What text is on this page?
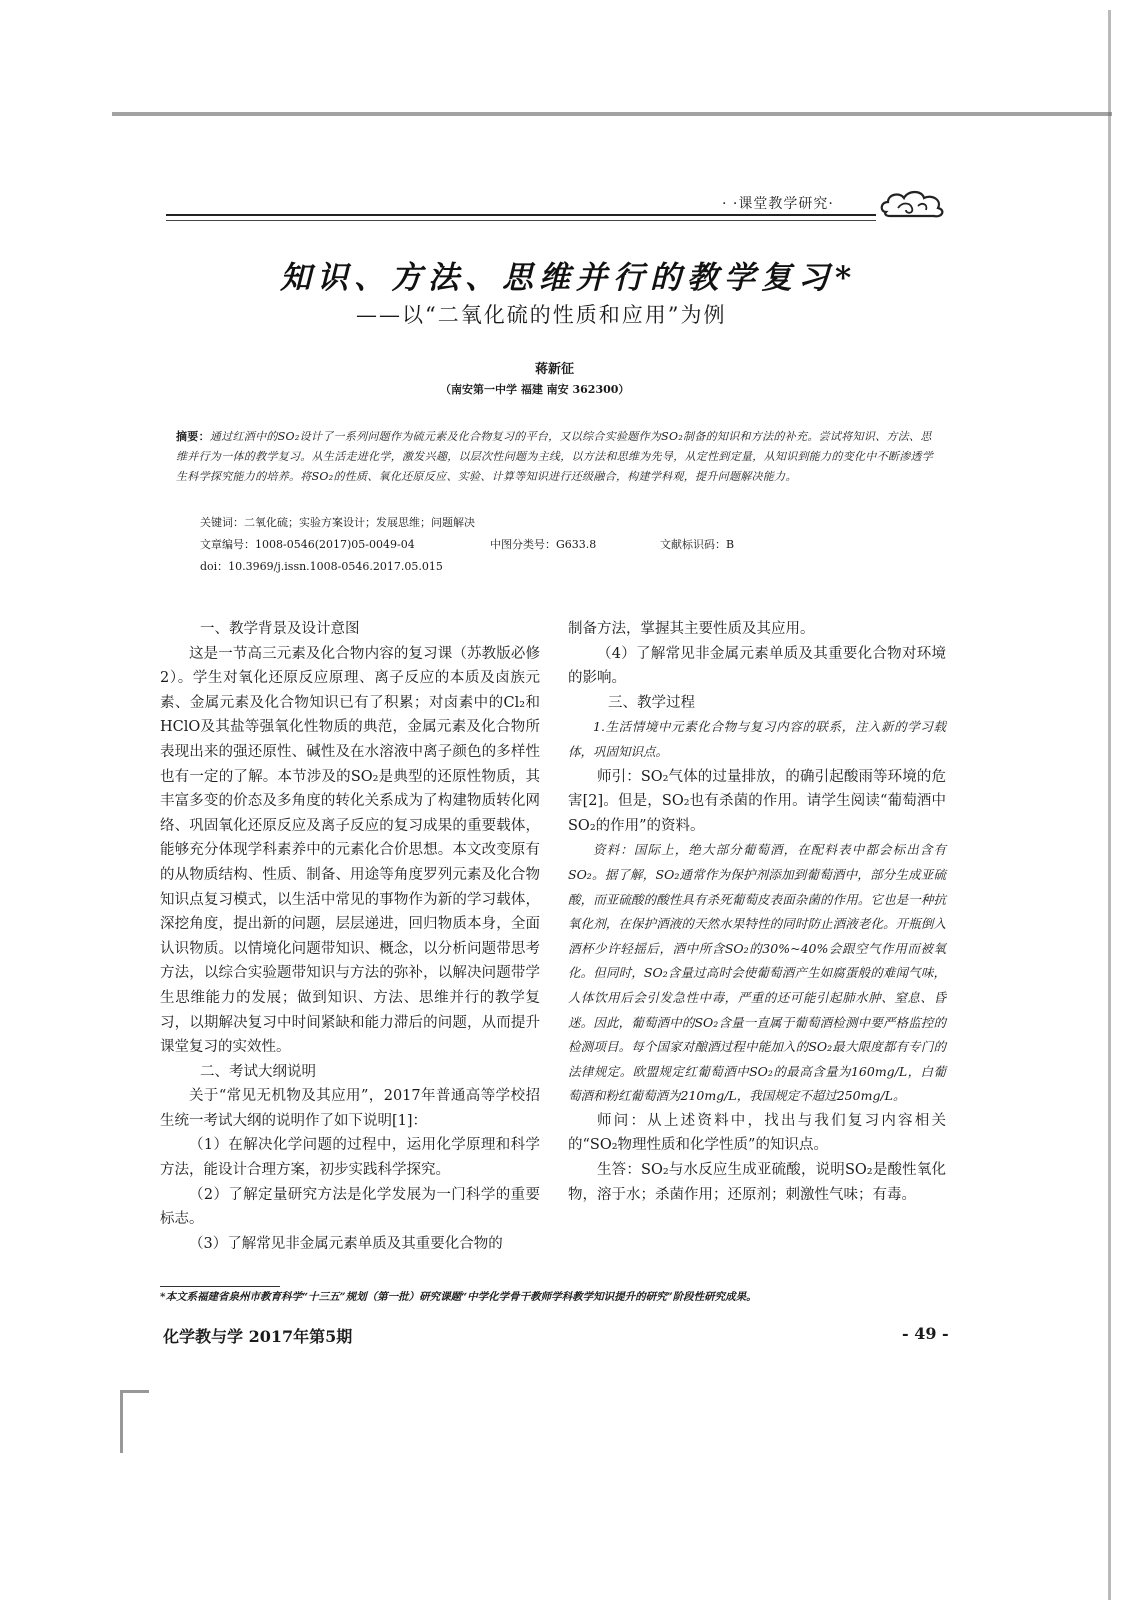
· ·课堂教学研究·
知识、方法、思维并行的教学复习*
——以“二氧化硫的性质和应用”为例
蒋新征
（南安第一中学 福建 南安 362300）
摘要：通过红酒中的SO₂设计了一系列问题作为硫元素及化合物复习的平台，又以综合实验题作为SO₂制备的知识和方法的补充。尝试将知识、方法、思维并行为一体的教学复习。从生活走进化学，激发兴趣，以层次性问题为主线，以方法和思维为先导，从定性到定量，从知识到能力的变化中不断渗透学生科学探究能力的培养。将SO₂的性质、氧化还原反应、实验、计算等知识进行还级融合，构建学科观，提升问题解决能力。
关键词：二氧化硫；实验方案设计；发展思维；问题解决
文章编号：1008-0546(2017)05-0049-04	中图分类号：G633.8	文献标识码：B
doi：10.3969/j.issn.1008-0546.2017.05.015
一、教学背景及设计意图

这是一节高三元素及化合物内容的复习课（苏教版必修2）。学生对氧化还原反应原理、离子反应的本质及卤族元素、金属元素及化合物知识已有了积累；对卤素中的Cl₂和HClO及其盐等强氧化性物质的典范，金属元素及化合物所表现出来的强还原性、碱性及在水溶液中离子颜色的多样性也有一定的了解。本节涉及的SO₂是典型的还原性物质，其丰富多变的价态及多角度的转化关系成为了构建物质转化网络、巩固氧化还原反应及离子反应的复习成果的重要载体，能够充分体现学科素养中的元素化合价思想。本文改变原有的从物质结构、性质、制备、用途等角度罗列元素及化合物知识点复习模式，以生活中常见的事物作为新的学习载体，深挖角度，提出新的问题，层层递进，回归物质本身，全面认识物质。以情境化问题带知识、概念，以分析问题带思考方法，以综合实验题带知识与方法的弥补，以解决问题带学生思维能力的发展；做到知识、方法、思维并行的教学复习，以期解决复习中时间紧缺和能力滞后的问题，从而提升课堂复习的实效性。

二、考试大纲说明

关于“常见无机物及其应用”，2017年普通高等学校招生统一考试大纲的说明作了如下说明[1]：

（1）在解决化学问题的过程中，运用化学原理和科学方法，能设计合理方案，初步实践科学探究。

（2）了解定量研究方法是化学发展为一门科学的重要标志。

（3）了解常见非金属元素单质及其重要化合物的

制备方法，掌握其主要性质及其应用。

（4）了解常见非金属元素单质及其重要化合物对环境的影响。

三、教学过程

1.生活情境中元素化合物与复习内容的联系，注入新的学习载体，巩固知识点。

师引：SO₂气体的过量排放，的确引起酸雨等环境的危害[2]。但是，SO₂也有杀菌的作用。请学生阅读“葡萄酒中SO₂的作用”的资料。

资料：国际上，绝大部分葡萄酒，在配料表中都会标出含有SO₂。据了解，SO₂通常作为保护剂添加到葡萄酒中，部分生成亚硫酸，而亚硫酸的酸性具有杀死葡萄皮表面杂菌的作用。它也是一种抗氧化剂，在保护酒液的天然水果特性的同时防止酒液老化。开瓶倒入酒杯少许轻摇后，酒中所含SO₂的30%~40%会跟空气作用而被氧化。但同时，SO₂含量过高时会使葡萄酒产生如腐蛋般的难闻气味，人体饮用后会引发急性中毒，严重的还可能引起肺水肿、窒息、昏迷。因此，葡萄酒中的SO₂含量一直属于葡萄酒检测中要严格监控的检测项目。每个国家对酿酒过程中能加入的SO₂最大限度都有专门的法律规定。欧盟规定红葡萄酒中SO₂的最高含量为160mg/L，白葡萄酒和粉红葡萄酒为210mg/L，我国规定不超过250mg/L。

师问：从上述资料中，找出与我们复习内容相关的“SO₂物理性质和化学性质”的知识点。

生答：SO₂与水反应生成亚硫酸，说明SO₂是酸性氧化物，溶于水；杀菌作用；还原剂；刺激性气味；有毒。

*本文系福建省泉州市教育科学“十三五”规划（第一批）研究课题“中学化学骨干教师学科教学知识提升的研究”阶段性研究成果。
化学教与学 2017年第5期	- 49 -
